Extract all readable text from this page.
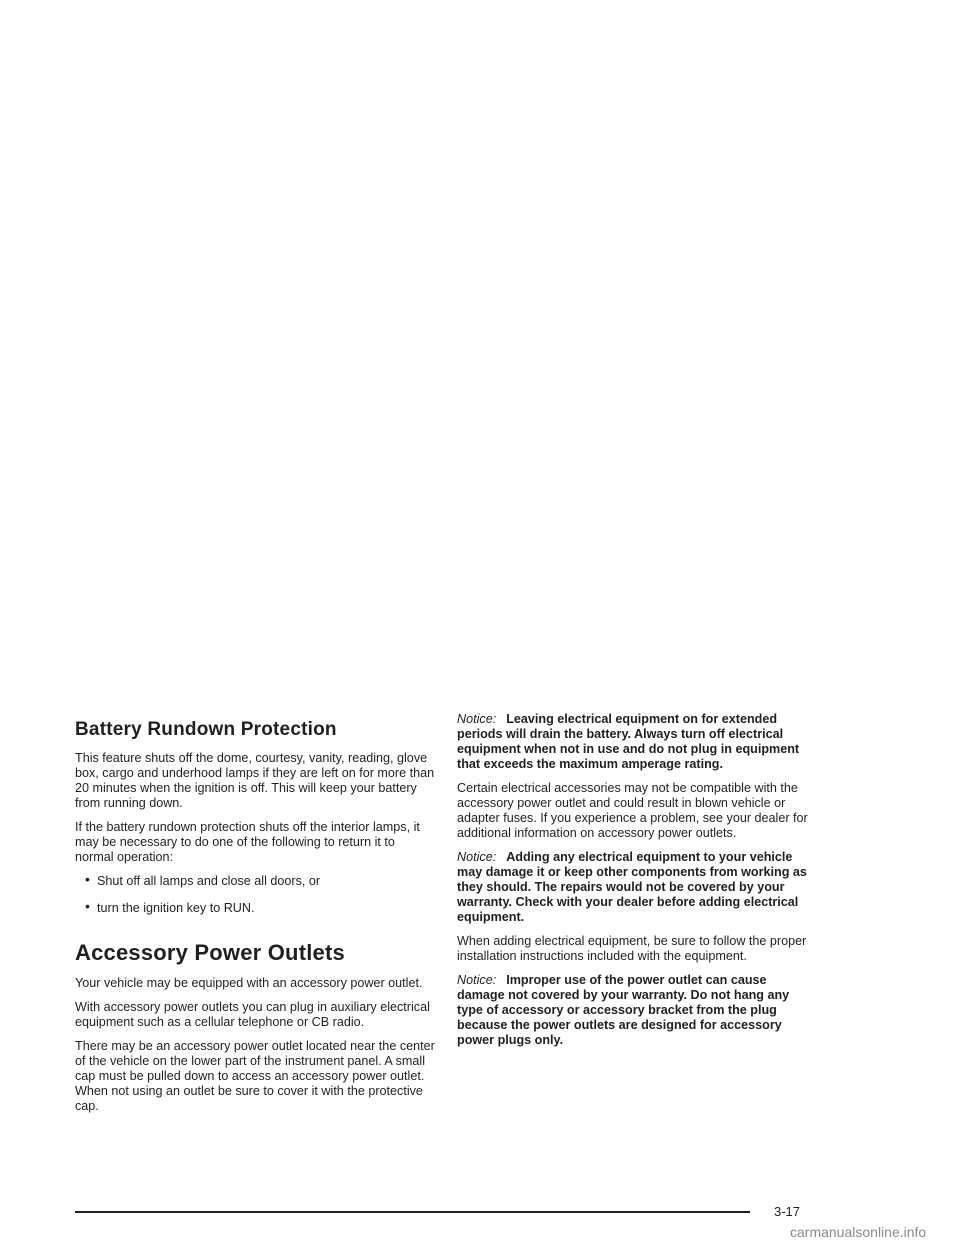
Battery Rundown Protection

This feature shuts off the dome, courtesy, vanity, reading, glove box, cargo and underhood lamps if they are left on for more than 20 minutes when the ignition is off. This will keep your battery from running down.

If the battery rundown protection shuts off the interior lamps, it may be necessary to do one of the following to return it to normal operation:

• Shut off all lamps and close all doors, or
• turn the ignition key to RUN.
Accessory Power Outlets

Your vehicle may be equipped with an accessory power outlet.

With accessory power outlets you can plug in auxiliary electrical equipment such as a cellular telephone or CB radio.

There may be an accessory power outlet located near the center of the vehicle on the lower part of the instrument panel. A small cap must be pulled down to access an accessory power outlet. When not using an outlet be sure to cover it with the protective cap.

Notice: Leaving electrical equipment on for extended periods will drain the battery. Always turn off electrical equipment when not in use and do not plug in equipment that exceeds the maximum amperage rating.

Certain electrical accessories may not be compatible with the accessory power outlet and could result in blown vehicle or adapter fuses. If you experience a problem, see your dealer for additional information on accessory power outlets.

Notice: Adding any electrical equipment to your vehicle may damage it or keep other components from working as they should. The repairs would not be covered by your warranty. Check with your dealer before adding electrical equipment.

When adding electrical equipment, be sure to follow the proper installation instructions included with the equipment.

Notice: Improper use of the power outlet can cause damage not covered by your warranty. Do not hang any type of accessory or accessory bracket from the plug because the power outlets are designed for accessory power plugs only.

3-17
carmanualsonline.info
